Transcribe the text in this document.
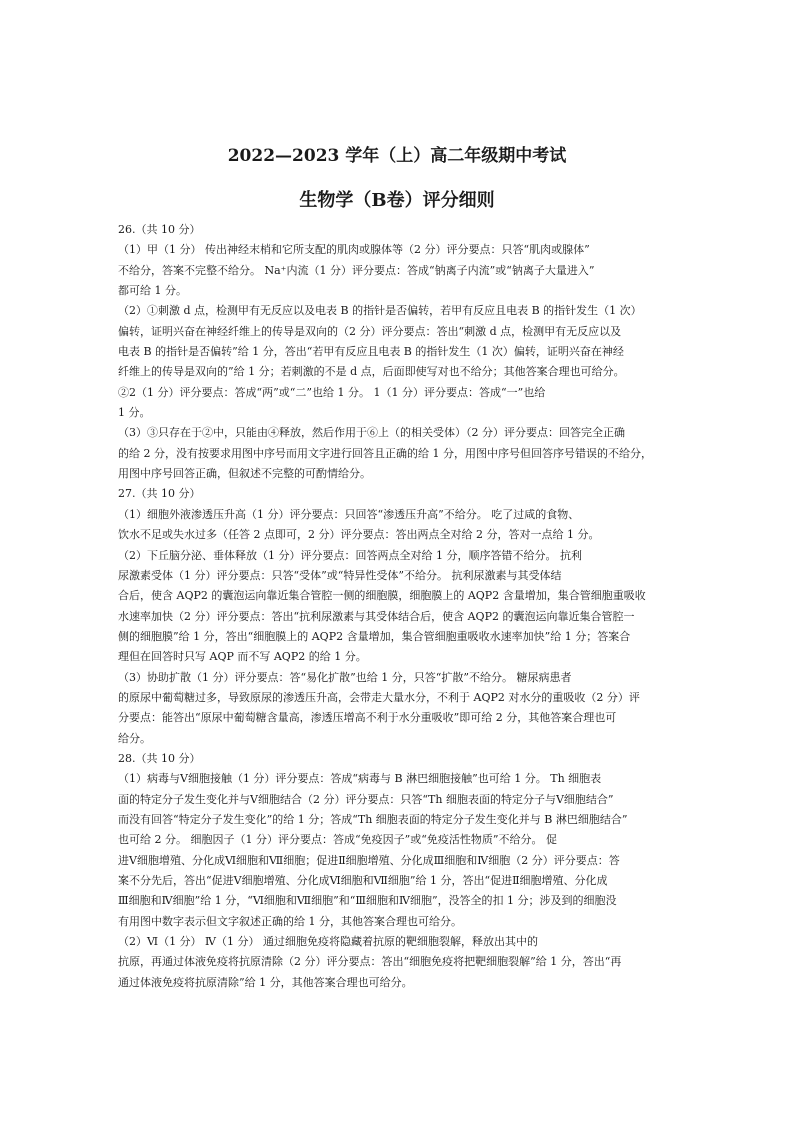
2022—2023 学年（上）高二年级期中考试
生物学（B卷）评分细则
26.（共 10 分）
（1）甲（1 分） 传出神经末梢和它所支配的肌肉或腺体等（2 分）评分要点：只答“肌肉或腺体”
不给分，答案不完整不给分。 Na⁺内流（1 分）评分要点：答成“钠离子内流”或“钠离子大量进入”
都可给 1 分。
（2）①刺激 d 点，检测甲有无反应以及电表 B 的指针是否偏转，若甲有反应且电表 B 的指针发生（1 次）
偏转，证明兴奋在神经纤维上的传导是双向的（2 分）评分要点：答出“刺激 d 点，检测甲有无反应以及
电表 B 的指针是否偏转”给 1 分，答出“若甲有反应且电表 B 的指针发生（1 次）偏转，证明兴奋在神经
纤维上的传导是双向的”给 1 分；若刺激的不是 d 点，后面即使写对也不给分；其他答案合理也可给分。
②2（1 分）评分要点：答成“两”或“二”也给 1 分。 1（1 分）评分要点：答成“一”也给
1 分。
（3）③只存在于②中，只能由④释放，然后作用于⑥上（的相关受体）（2 分）评分要点：回答完全正确
的给 2 分，没有按要求用图中序号而用文字进行回答且正确的给 1 分，用图中序号但回答序号错误的不给分，
用图中序号回答正确，但叙述不完整的可酌情给分。
27.（共 10 分）
（1）细胞外液渗透压升高（1 分）评分要点：只回答“渗透压升高”不给分。 吃了过咸的食物、
饮水不足或失水过多（任答 2 点即可，2 分）评分要点：答出两点全对给 2 分，答对一点给 1 分。
（2）下丘脑分泌、垂体释放（1 分）评分要点：回答两点全对给 1 分，顺序答错不给分。 抗利
尿激素受体（1 分）评分要点：只答“受体”或“特异性受体”不给分。 抗利尿激素与其受体结
合后，使含 AQP2 的囊泡运向靠近集合管腔一侧的细胞膜，细胞膜上的 AQP2 含量增加，集合管细胞重吸收
水速率加快（2 分）评分要点：答出“抗利尿激素与其受体结合后，使含 AQP2 的囊泡运向靠近集合管腔一
侧的细胞膜”给 1 分，答出“细胞膜上的 AQP2 含量增加，集合管细胞重吸收水速率加快”给 1 分；答案合
理但在回答时只写 AQP 而不写 AQP2 的给 1 分。
（3）协助扩散（1 分）评分要点：答“易化扩散”也给 1 分，只答“扩散”不给分。 糖尿病患者
的原尿中葡萄糖过多，导致原尿的渗透压升高，会带走大量水分，不利于 AQP2 对水分的重吸收（2 分）评
分要点：能答出“原尿中葡萄糖含量高，渗透压增高不利于水分重吸收”即可给 2 分，其他答案合理也可
给分。
28.（共 10 分）
（1）病毒与Ⅴ细胞接触（1 分）评分要点：答成“病毒与 B 淋巴细胞接触”也可给 1 分。 Th 细胞表
面的特定分子发生变化并与Ⅴ细胞结合（2 分）评分要点：只答“Th 细胞表面的特定分子与Ⅴ细胞结合”
而没有回答“特定分子发生变化”的给 1 分；答成“Th 细胞表面的特定分子发生变化并与 B 淋巴细胞结合”
也可给 2 分。 细胞因子（1 分）评分要点：答成“免疫因子”或“免疫活性物质”不给分。 促
进Ⅴ细胞增殖、分化成Ⅵ细胞和Ⅶ细胞；促进Ⅱ细胞增殖、分化成Ⅲ细胞和Ⅳ细胞（2 分）评分要点：答
案不分先后，答出“促进Ⅴ细胞增殖、分化成Ⅵ细胞和Ⅶ细胞”给 1 分，答出“促进Ⅱ细胞增殖、分化成
Ⅲ细胞和Ⅳ细胞”给 1 分，“Ⅵ细胞和Ⅶ细胞”和“Ⅲ细胞和Ⅳ细胞”，没答全的扣 1 分；涉及到的细胞没
有用图中数字表示但文字叙述正确的给 1 分，其他答案合理也可给分。
（2）Ⅵ（1 分） Ⅳ（1 分） 通过细胞免疫将隐藏着抗原的靶细胞裂解，释放出其中的
抗原，再通过体液免疫将抗原清除（2 分）评分要点：答出“细胞免疫将把靶细胞裂解”给 1 分，答出“再
通过体液免疫将抗原清除”给 1 分，其他答案合理也可给分。
